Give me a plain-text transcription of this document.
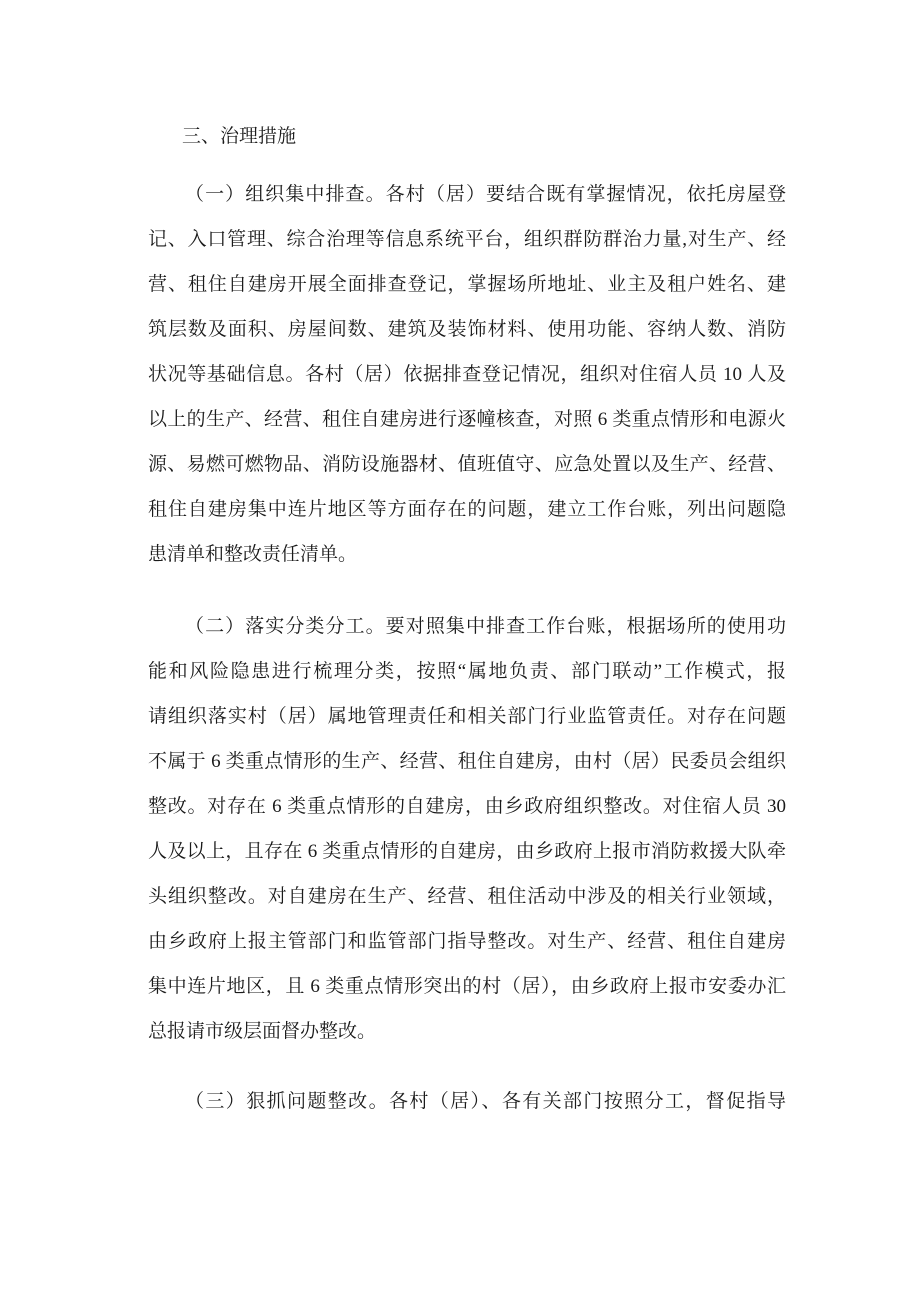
三、治理措施
（一）组织集中排查。各村（居）要结合既有掌握情况，依托房屋登
记、入口管理、综合治理等信息系统平台，组织群防群治力量,对生产、经
营、租住自建房开展全面排查登记，掌握场所地址、业主及租户姓名、建
筑层数及面积、房屋间数、建筑及装饰材料、使用功能、容纳人数、消防
状况等基础信息。各村（居）依据排查登记情况，组织对住宿人员 10 人及
以上的生产、经营、租住自建房进行逐幢核查，对照 6 类重点情形和电源火
源、易燃可燃物品、消防设施器材、值班值守、应急处置以及生产、经营、
租住自建房集中连片地区等方面存在的问题，建立工作台账，列出问题隐
患清单和整改责任清单。
（二）落实分类分工。要对照集中排查工作台账，根据场所的使用功
能和风险隐患进行梳理分类，按照“属地负责、部门联动”工作模式，报
请组织落实村（居）属地管理责任和相关部门行业监管责任。对存在问题
不属于 6 类重点情形的生产、经营、租住自建房，由村（居）民委员会组织
整改。对存在 6 类重点情形的自建房，由乡政府组织整改。对住宿人员 30
人及以上，且存在 6 类重点情形的自建房，由乡政府上报市消防救援大队牵
头组织整改。对自建房在生产、经营、租住活动中涉及的相关行业领域，
由乡政府上报主管部门和监管部门指导整改。对生产、经营、租住自建房
集中连片地区，且 6 类重点情形突出的村（居），由乡政府上报市安委办汇
总报请市级层面督办整改。
（三）狠抓问题整改。各村（居）、各有关部门按照分工，督促指导
